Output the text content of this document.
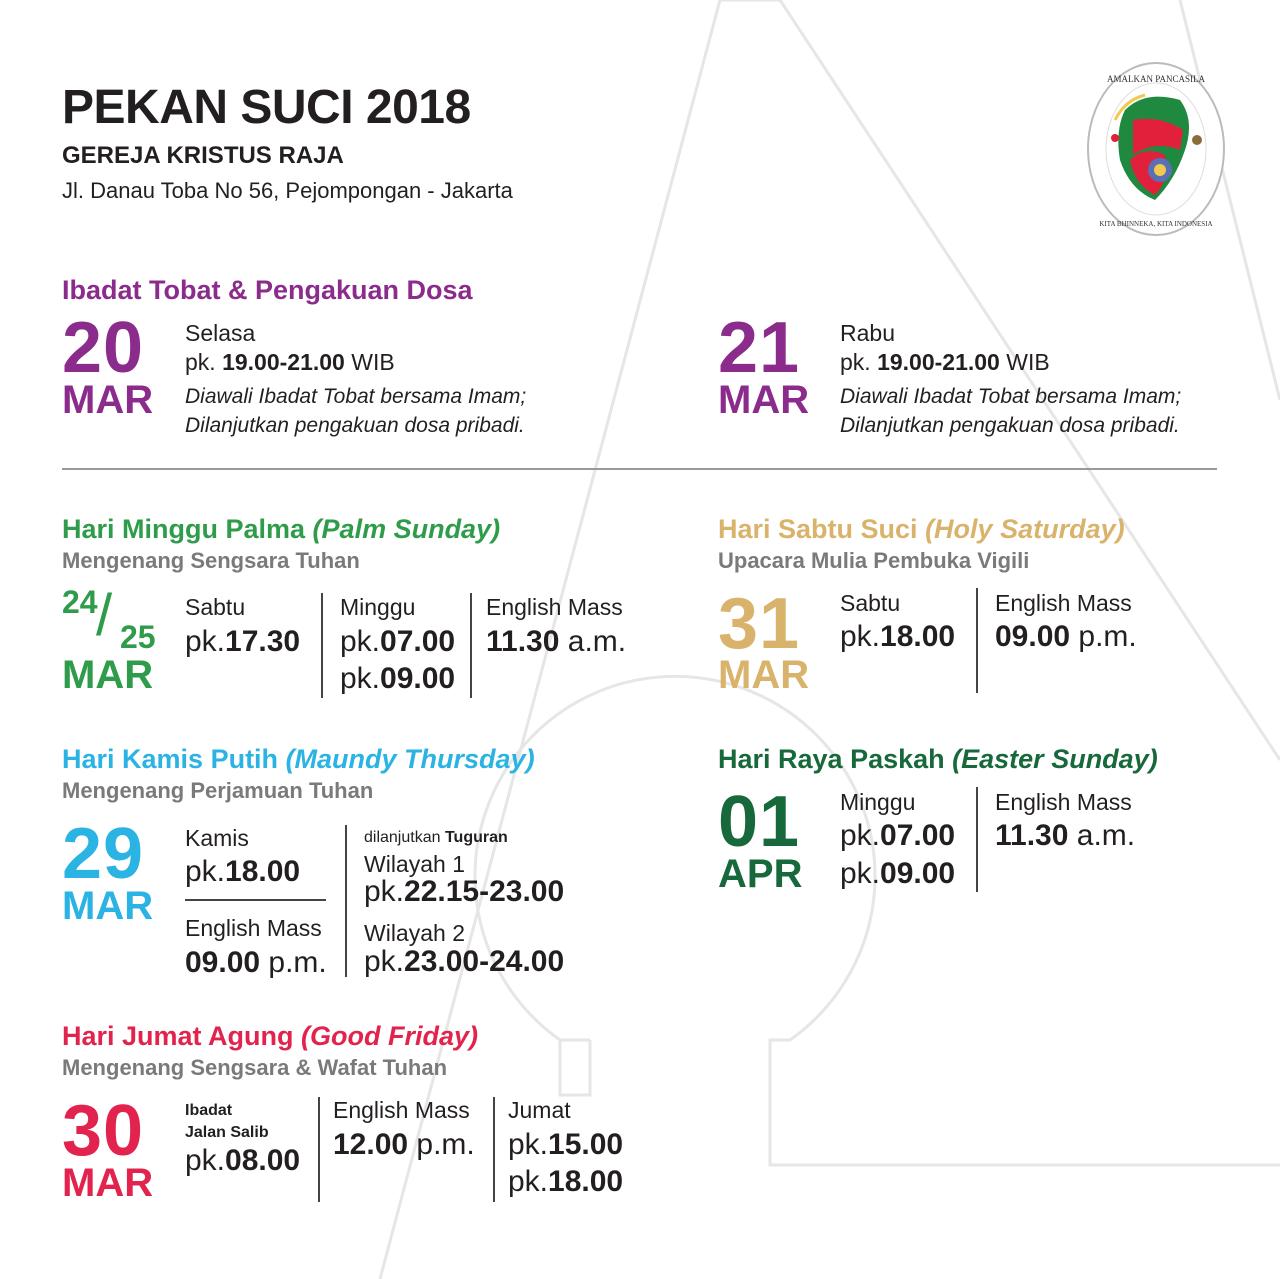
PEKAN SUCI 2018
GEREJA KRISTUS RAJA
Jl. Danau Toba No 56, Pejompongan - Jakarta
AMALKAN PANCASILA
KITA BHINNEKA, KITA INDONESIA
Ibadat Tobat & Pengakuan Dosa
20
MAR
Selasa
pk. 19.00-21.00 WIB
Diawali Ibadat Tobat bersama Imam;
Dilanjutkan pengakuan dosa pribadi.
21
MAR
Rabu
pk. 19.00-21.00 WIB
Diawali Ibadat Tobat bersama Imam;
Dilanjutkan pengakuan dosa pribadi.
Hari Minggu Palma (Palm Sunday)
Mengenang Sengsara Tuhan
24
/ 25
MAR
Sabtu
pk.17.30
Minggu
pk.07.00
pk.09.00
English Mass
11.30 a.m.
Hari Sabtu Suci (Holy Saturday)
Upacara Mulia Pembuka Vigili
31
MAR
Sabtu
pk.18.00
English Mass
09.00 p.m.
Hari Kamis Putih (Maundy Thursday)
Mengenang Perjamuan Tuhan
29
MAR
Kamis
pk.18.00
English Mass
09.00 p.m.
dilanjutkan Tuguran
Wilayah 1
pk.22.15-23.00
Wilayah 2
pk.23.00-24.00
Hari Raya Paskah (Easter Sunday)
01
APR
Minggu
pk.07.00
pk.09.00
English Mass
11.30 a.m.
Hari Jumat Agung (Good Friday)
Mengenang Sengsara & Wafat Tuhan
30
MAR
Ibadat
Jalan Salib
pk.08.00
English Mass
12.00 p.m.
Jumat
pk.15.00
pk.18.00
